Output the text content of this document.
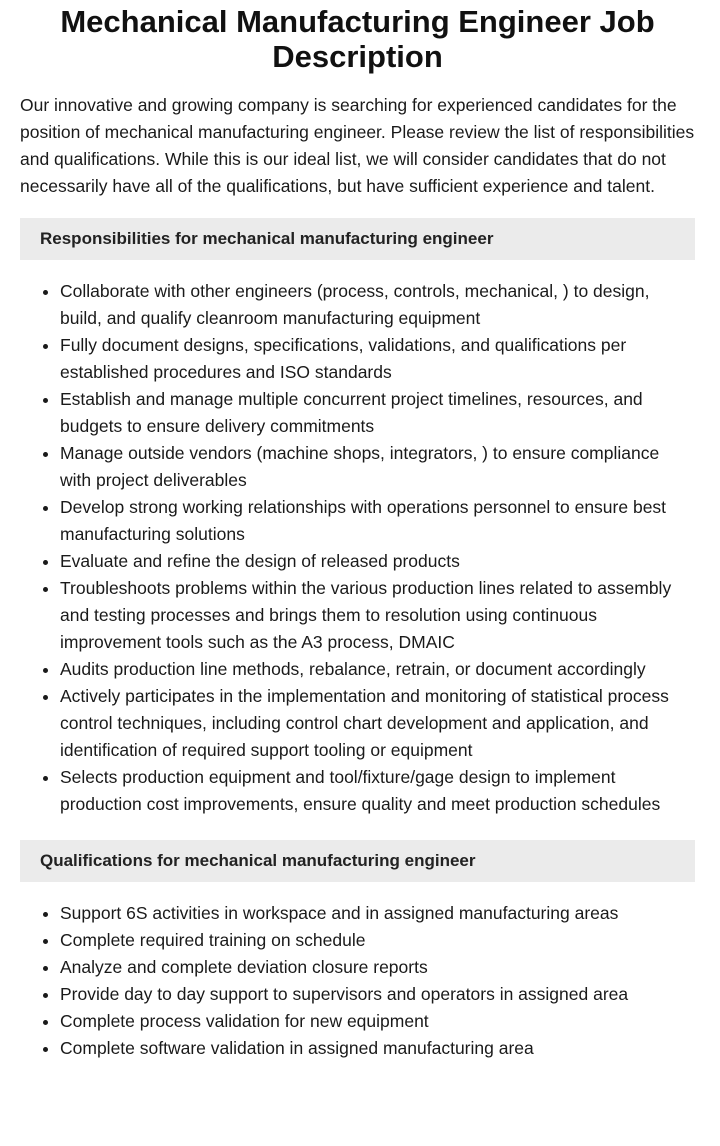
Mechanical Manufacturing Engineer Job Description

Our innovative and growing company is searching for experienced candidates for the position of mechanical manufacturing engineer. Please review the list of responsibilities and qualifications. While this is our ideal list, we will consider candidates that do not necessarily have all of the qualifications, but have sufficient experience and talent.

Responsibilities for mechanical manufacturing engineer
• Collaborate with other engineers (process, controls, mechanical, ) to design, build, and qualify cleanroom manufacturing equipment
• Fully document designs, specifications, validations, and qualifications per established procedures and ISO standards
• Establish and manage multiple concurrent project timelines, resources, and budgets to ensure delivery commitments
• Manage outside vendors (machine shops, integrators, ) to ensure compliance with project deliverables
• Develop strong working relationships with operations personnel to ensure best manufacturing solutions
• Evaluate and refine the design of released products
• Troubleshoots problems within the various production lines related to assembly and testing processes and brings them to resolution using continuous improvement tools such as the A3 process, DMAIC
• Audits production line methods, rebalance, retrain, or document accordingly
• Actively participates in the implementation and monitoring of statistical process control techniques, including control chart development and application, and identification of required support tooling or equipment
• Selects production equipment and tool/fixture/gage design to implement production cost improvements, ensure quality and meet production schedules
Qualifications for mechanical manufacturing engineer
• Support 6S activities in workspace and in assigned manufacturing areas
• Complete required training on schedule
• Analyze and complete deviation closure reports
• Provide day to day support to supervisors and operators in assigned area
• Complete process validation for new equipment
• Complete software validation in assigned manufacturing area
